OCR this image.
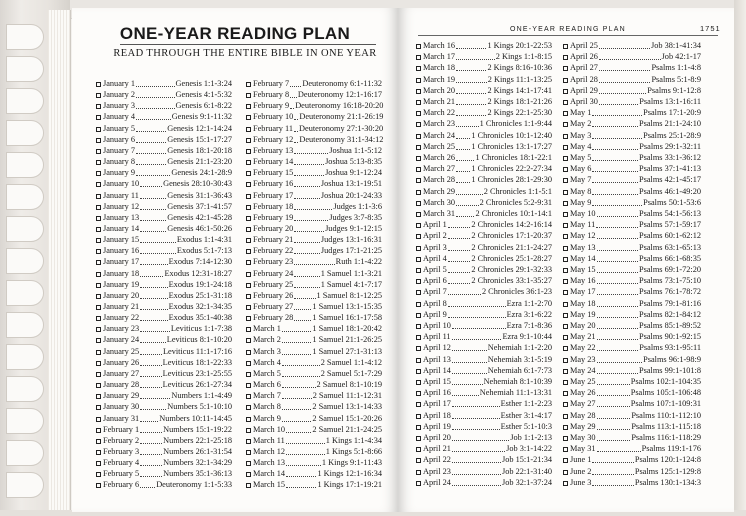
ONE-YEAR READING PLAN
READ THROUGH THE ENTIRE BIBLE IN ONE YEAR
ONE-YEAR READING PLAN	1751
January 1	Genesis 1:1-3:24
January 2	Genesis 4:1-5:32
January 3	Genesis 6:1-8:22
January 4	Genesis 9:1-11:32
January 5	Genesis 12:1-14:24
January 6	Genesis 15:1-17:27
January 7	Genesis 18:1-20:18
January 8	Genesis 21:1-23:20
January 9	Genesis 24:1-28:9
January 10	Genesis 28:10-30:43
January 11	Genesis 31:1-36:43
January 12	Genesis 37:1-41:57
January 13	Genesis 42:1-45:28
January 14	Genesis 46:1-50:26
January 15	Exodus 1:1-4:31
January 16	Exodus 5:1-7:13
January 17	Exodus 7:14-12:30
January 18	Exodus 12:31-18:27
January 19	Exodus 19:1-24:18
January 20	Exodus 25:1-31:18
January 21	Exodus 32:1-34:35
January 22	Exodus 35:1-40:38
January 23	Leviticus 1:1-7:38
January 24	Leviticus 8:1-10:20
January 25	Leviticus 11:1-17:16
January 26	Leviticus 18:1-22:33
January 27	Leviticus 23:1-25:55
January 28	Leviticus 26:1-27:34
January 29	Numbers 1:1-4:49
January 30	Numbers 5:1-10:10
January 31 Numbers 10:11-14:45
February 1	Numbers 15:1-19:22
February 2	Numbers 22:1-25:18
February 3	Numbers 26:1-31:54
February 4	Numbers 32:1-34:29
February 5	Numbers 35:1-36:13
February 6 Deuteronomy 1:1-5:33
February 7 Deuteronomy 6:1-11:32
February 8 Deuteronomy 12:1-16:17
February 9 Deuteronomy 16:18-20:20
February 10 Deuteronomy 21:1-26:19
February 11 Deuteronomy 27:1-30:20
February 12 Deuteronomy 31:1-34:12
February 13	Joshua 1:1-5:12
February 14	Joshua 5:13-8:35
February 15	Joshua 9:1-12:24
February 16	Joshua 13:1-19:51
February 17	Joshua 20:1-24:33
February 18	Judges 1:1-3:6
February 19	Judges 3:7-8:35
February 20	Judges 9:1-12:15
February 21	Judges 13:1-16:31
February 22	Judges 17:1-21:25
February 23	Ruth 1:1-4:22
February 24	1 Samuel 1:1-3:21
February 25	1 Samuel 4:1-7:17
February 26	1 Samuel 8:1-12:25
February 27 1 Samuel 13:1-15:35
February 28 1 Samuel 16:1-17:58
March 1	1 Samuel 18:1-20:42
March 2	1 Samuel 21:1-26:25
March 3	1 Samuel 27:1-31:13
March 4	2 Samuel 1:1-4:12
March 5	2 Samuel 5:1-7:29
March 6	2 Samuel 8:1-10:19
March 7	2 Samuel 11:1-12:31
March 8	2 Samuel 13:1-14:33
March 9	2 Samuel 15:1-20:26
March 10	2 Samuel 21:1-24:25
March 11	1 Kings 1:1-4:34
March 12	1 Kings 5:1-8:66
March 13	1 Kings 9:1-11:43
March 14	1 Kings 12:1-16:34
March 15	1 Kings 17:1-19:21
March 16	1 Kings 20:1-22:53
March 17	2 Kings 1:1-8:15
March 18	2 Kings 8:16-10:36
March 19	2 Kings 11:1-13:25
March 20	2 Kings 14:1-17:41
March 21	2 Kings 18:1-21:26
March 22	2 Kings 22:1-25:30
March 23	1 Chronicles 1:1-9:44
March 24 1 Chronicles 10:1-12:40
March 25 1 Chronicles 13:1-17:27
March 26 1 Chronicles 18:1-22:1
March 27 1 Chronicles 22:2-27:34
March 28 1 Chronicles 28:1-29:30
March 29	2 Chronicles 1:1-5:1
March 30	2 Chronicles 5:2-9:31
March 31 2 Chronicles 10:1-14:1
April 1	2 Chronicles 14:2-16:14
April 2	2 Chronicles 17:1-20:37
April 3	2 Chronicles 21:1-24:27
April 4	2 Chronicles 25:1-28:27
April 5	2 Chronicles 29:1-32:33
April 6	2 Chronicles 33:1-35:27
April 7	2 Chronicles 36:1-23
April 8	Ezra 1:1-2:70
April 9	Ezra 3:1-6:22
April 10	Ezra 7:1-8:36
April 11	Ezra 9:1-10:44
April 12	Nehemiah 1:1-2:20
April 13	Nehemiah 3:1-5:19
April 14	Nehemiah 6:1-7:73
April 15	Nehemiah 8:1-10:39
April 16	Nehemiah 11:1-13:31
April 17	Esther 1:1-2:23
April 18	Esther 3:1-4:17
April 19	Esther 5:1-10:3
April 20	Job 1:1-2:13
April 21	Job 3:1-14:22
April 22	Job 15:1-21:34
April 23	Job 22:1-31:40
April 24	Job 32:1-37:24
April 25	Job 38:1-41:34
April 26	Job 42:1-17
April 27	Psalms 1:1-4:8
April 28	Psalms 5:1-8:9
April 29	Psalms 9:1-12:8
April 30	Psalms 13:1-16:11
May 1	Psalms 17:1-20:9
May 2	Psalms 21:1-24:10
May 3	Psalms 25:1-28:9
May 4	Psalms 29:1-32:11
May 5	Psalms 33:1-36:12
May 6	Psalms 37:1-41:13
May 7	Psalms 42:1-45:17
May 8	Psalms 46:1-49:20
May 9	Psalms 50:1-53:6
May 10	Psalms 54:1-56:13
May 11	Psalms 57:1-59:17
May 12	Psalms 60:1-62:12
May 13	Psalms 63:1-65:13
May 14	Psalms 66:1-68:35
May 15	Psalms 69:1-72:20
May 16	Psalms 73:1-75:10
May 17	Psalms 76:1-78:72
May 18	Psalms 79:1-81:16
May 19	Psalms 82:1-84:12
May 20	Psalms 85:1-89:52
May 21	Psalms 90:1-92:15
May 22	Psalms 93:1-95:11
May 23	Psalms 96:1-98:9
May 24	Psalms 99:1-101:8
May 25	Psalms 102:1-104:35
May 26	Psalms 105:1-106:48
May 27	Psalms 107:1-109:31
May 28	Psalms 110:1-112:10
May 29	Psalms 113:1-115:18
May 30	Psalms 116:1-118:29
May 31	Psalms 119:1-176
June 1	Psalms 120:1-124:8
June 2	Psalms 125:1-129:8
June 3	Psalms 130:1-134:3
